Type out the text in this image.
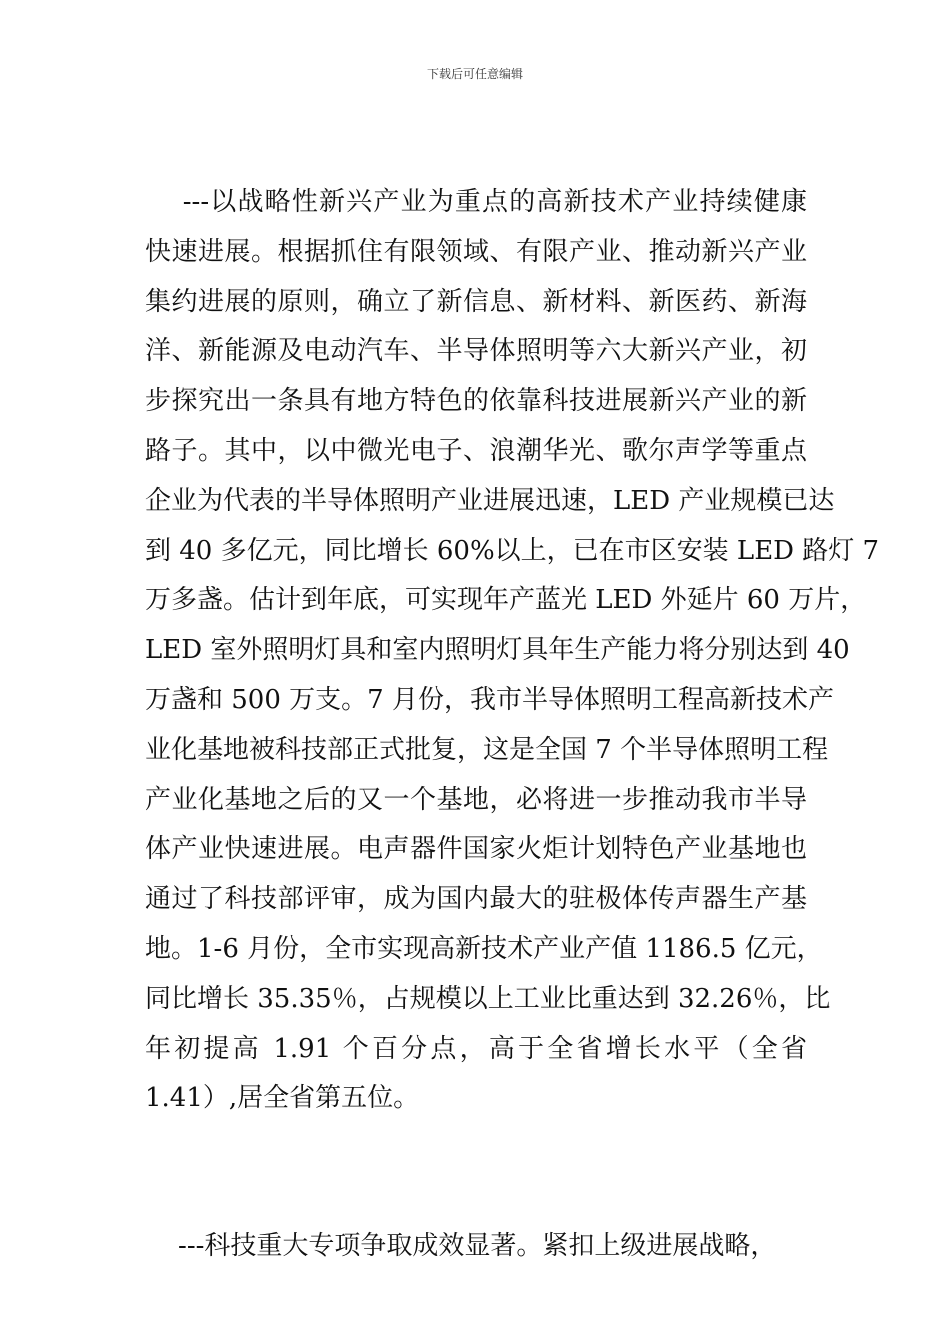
下载后可任意编辑
---以战略性新兴产业为重点的高新技术产业持续健康
快速进展。根据抓住有限领域、有限产业、推动新兴产业
集约进展的原则，确立了新信息、新材料、新医药、新海
洋、新能源及电动汽车、半导体照明等六大新兴产业，初
步探究出一条具有地方特色的依靠科技进展新兴产业的新
路子。其中，以中微光电子、浪潮华光、歌尔声学等重点
企业为代表的半导体照明产业进展迅速，LED 产业规模已达
到 40 多亿元，同比增长 60%以上，已在市区安装 LED 路灯 7
万多盏。估计到年底，可实现年产蓝光 LED 外延片 60 万片，
LED 室外照明灯具和室内照明灯具年生产能力将分别达到 40
万盏和 500 万支。7 月份，我市半导体照明工程高新技术产
业化基地被科技部正式批复，这是全国 7 个半导体照明工程
产业化基地之后的又一个基地，必将进一步推动我市半导
体产业快速进展。电声器件国家火炬计划特色产业基地也
通过了科技部评审，成为国内最大的驻极体传声器生产基
地。1-6 月份，全市实现高新技术产业产值 1186.5 亿元，
同比增长 35.35％，占规模以上工业比重达到 32.26％，比
年初提高 1.91 个百分点，高于全省增长水平（全省
1.41）,居全省第五位。
---科技重大专项争取成效显著。紧扣上级进展战略，
